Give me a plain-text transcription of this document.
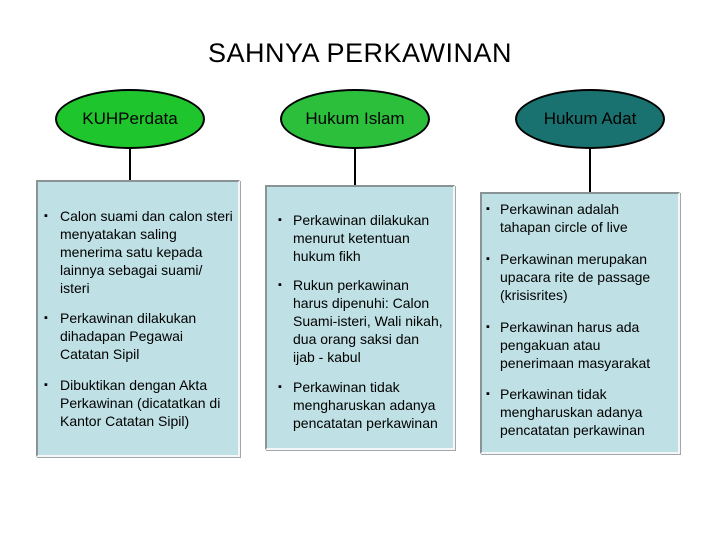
SAHNYA PERKAWINAN
KUHPerdata	Hukum Islam	Hukum Adat
▪ Calon suami dan calon steri menyatakan saling menerima satu kepada lainnya sebagai suami/ isteri
▪ Perkawinan dilakukan dihadapan Pegawai Catatan Sipil
▪ Dibuktikan dengan Akta Perkawinan (dicatatkan di Kantor Catatan Sipil)
▪ Perkawinan dilakukan menurut ketentuan hukum fikh
▪ Rukun perkawinan harus dipenuhi: Calon Suami-isteri, Wali nikah, dua orang saksi dan ijab - kabul
▪ Perkawinan tidak mengharuskan adanya pencatatan perkawinan
▪ Perkawinan adalah tahapan circle of live
▪ Perkawinan merupakan upacara rite de passage (krisisrites)
▪ Perkawinan harus ada pengakuan atau penerimaan masyarakat
▪ Perkawinan tidak mengharuskan adanya pencatatan perkawinan
